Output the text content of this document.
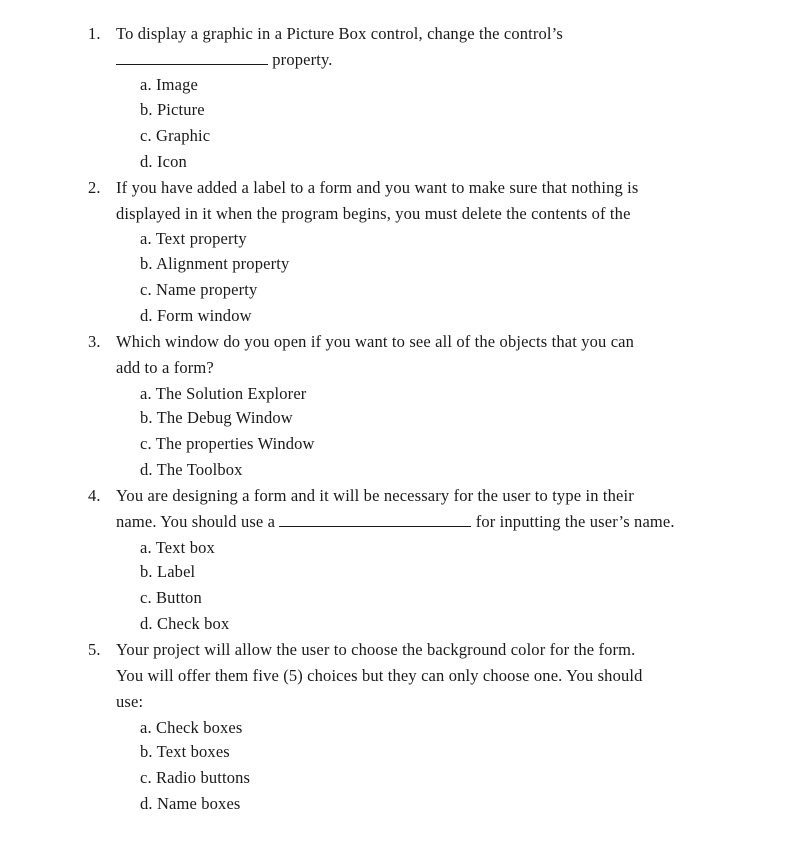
1. To display a graphic in a Picture Box control, change the control’s
property.
a. Image
b. Picture
c. Graphic
d. Icon
2. If you have added a label to a form and you want to make sure that nothing is
displayed in it when the program begins, you must delete the contents of the
a. Text property
b. Alignment property
c. Name property
d. Form window
3. Which window do you open if you want to see all of the objects that you can
add to a form?
a. The Solution Explorer
b. The Debug Window
c. The properties Window
d. The Toolbox
4. You are designing a form and it will be necessary for the user to type in their
name. You should use a	for inputting the user’s name.
a. Text box
b. Label
c. Button
d. Check box
5. Your project will allow the user to choose the background color for the form.
You will offer them five (5) choices but they can only choose one. You should
use:
a. Check boxes
b. Text boxes
c. Radio buttons
d. Name boxes
